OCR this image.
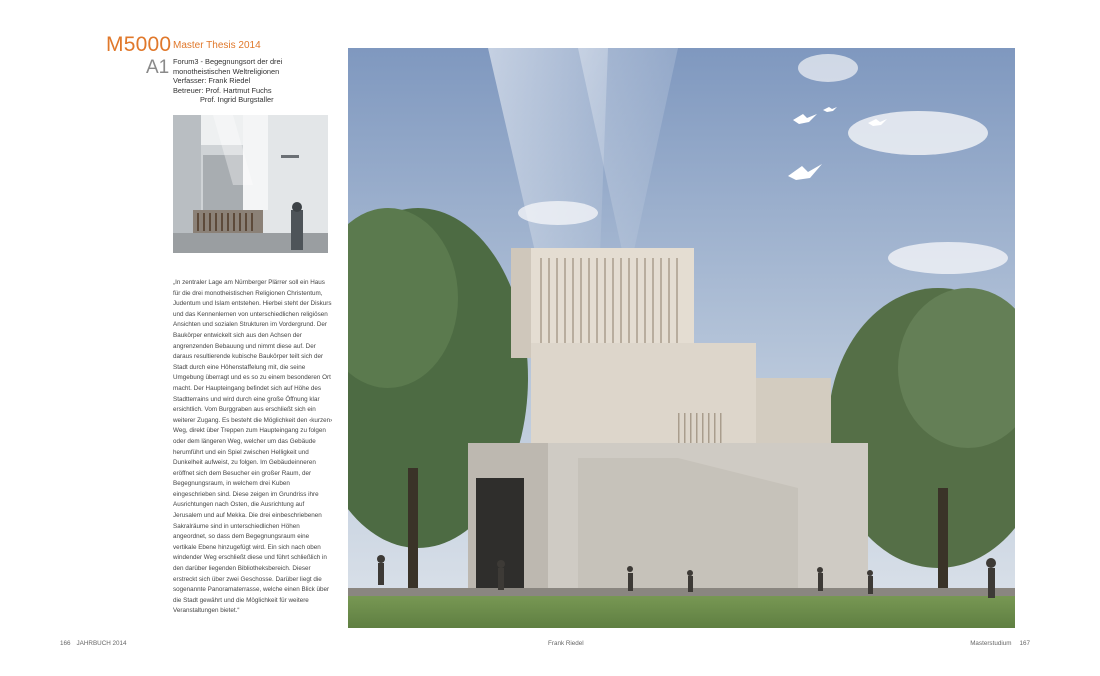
M5000 Master Thesis 2014
A1 Forum3 - Begegnungsort der drei
monotheistischen Weltreligionen
Verfasser: Frank Riedel
Betreuer: Prof. Hartmut Fuchs
Prof. Ingrid Burgstaller

„In zentraler Lage am Nürnberger Plärrer soll ein Haus für die drei monotheistischen Religionen Christentum, Judentum und Islam entstehen. Hierbei steht der Diskurs und das Kennenlernen von unterschiedlichen religiösen Ansichten und sozialen Strukturen im Vordergrund. Der Baukörper entwickelt sich aus den Achsen der angrenzenden Bebauung und nimmt diese auf. Der daraus resultierende kubische Baukörper teilt sich der Stadt durch eine Höhenstaffelung mit, die seine Umgebung überragt und es so zu einem besonderen Ort macht. Der Haupteingang befindet sich auf Höhe des Stadtterrains und wird durch eine große Öffnung klar ersichtlich. Vom Burggraben aus erschließt sich ein weiterer Zugang. Es besteht die Möglichkeit den ‹kurzen› Weg, direkt über Treppen zum Haupteingang zu folgen oder dem längeren Weg, welcher um das Gebäude herumführt und ein Spiel zwischen Helligkeit und Dunkelheit aufweist, zu folgen. Im Gebäudeinneren eröffnet sich dem Besucher ein großer Raum, der Begegnungsraum, in welchem drei Kuben eingeschrieben sind. Diese zeigen im Grundriss ihre Ausrichtungen nach Osten, die Ausrichtung auf Jerusalem und auf Mekka. Die drei einbeschriebenen Sakralräume sind in unterschiedlichen Höhen angeordnet, so dass dem Begegnungsraum eine vertikale Ebene hinzugefügt wird. Ein sich nach oben windender Weg erschließt diese und führt schließlich in den darüber liegenden Bibliotheksbereich. Dieser erstreckt sich über zwei Geschosse. Darüber liegt die sogenannte Panoramaterrasse, welche einen Blick über die Stadt gewährt und die Möglichkeit für weitere Veranstaltungen bietet.“

166 JAHRBUCH 2014	Frank Riedel	Masterstudium 167
